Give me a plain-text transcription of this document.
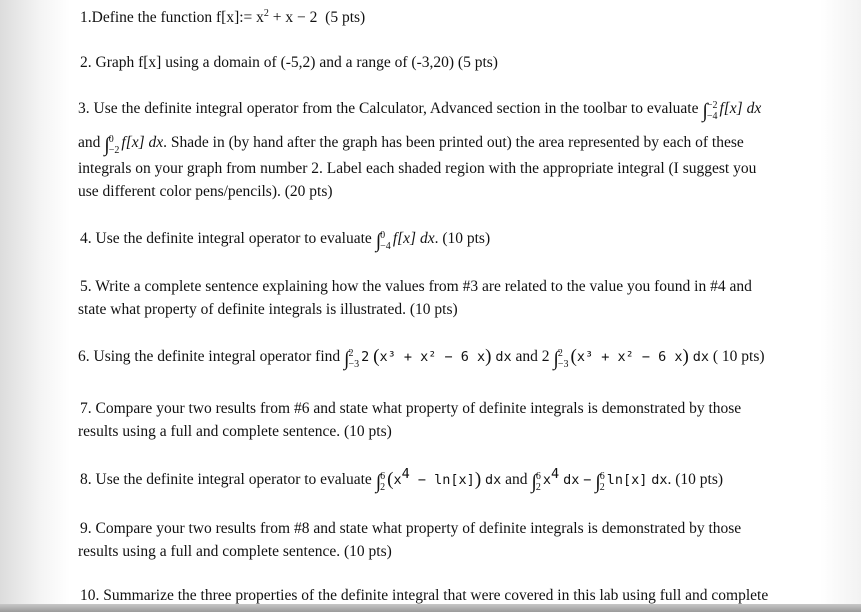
1.Define the function f[x]:= $x^2 + x - 2$ (5 pts)
2. Graph f[x] using a domain of (-5,2) and a range of (-3,20) (5 pts)
3. Use the definite integral operator from the Calculator, Advanced section in the toolbar to evaluate ∫ −2
−4 f[x] dx
and ∫ 0
−2 f[x] dx. Shade in (by hand after the graph has been printed out) the area represented by each of these
integrals on your graph from number 2. Label each shaded region with the appropriate integral (I suggest you
use different color pens/pencils). (20 pts)
4. Use the definite integral operator to evaluate ∫ 0
−4 f[x] dx. (10 pts)
5. Write a complete sentence explaining how the values from #3 are related to the value you found in #4 and
state what property of definite integrals is illustrated. (10 pts)
6. Using the definite integral operator find ∫ 2
−3 2 (x³ + x² − 6 x) dx and 2 ∫ 2
−3 (x³ + x² − 6 x) dx ( 10 pts)
7. Compare your two results from #6 and state what property of definite integrals is demonstrated by those
results using a full and complete sentence. (10 pts)
8. Use the definite integral operator to evaluate ∫ 6
2 $(x^4 - \ln[x])$ dx and ∫ 6
2 $x^4$ dx − ∫ 6
2 ln[x] dx. (10 pts)
9. Compare your two results from #8 and state what property of definite integrals is demonstrated by those
results using a full and complete sentence. (10 pts)
10. Summarize the three properties of the definite integral that were covered in this lab using full and complete
